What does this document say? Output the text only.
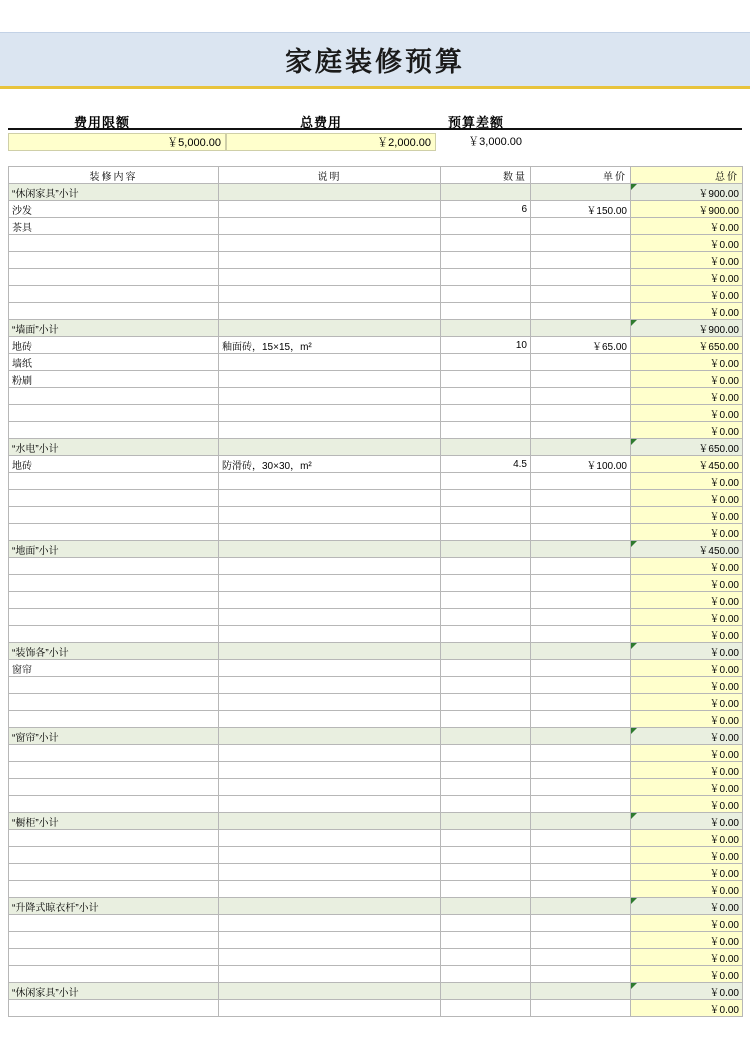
家庭装修预算
费用限额	总费用	预算差额
￥5,000.00	￥2,000.00	￥3,000.00
装修内容	说明	数量	单价	总价
“休闲家具”小计				￥900.00
沙发		6	￥150.00	￥900.00
茶具				￥0.00
				￥0.00
				￥0.00
				￥0.00
				￥0.00
				￥0.00
“墙面”小计				￥900.00
地砖	釉面砖，15×15，m²	10	￥65.00	￥650.00
墙纸				￥0.00
粉刷				￥0.00
				￥0.00
				￥0.00
				￥0.00
“水电”小计				￥650.00
地砖	防滑砖，30×30，m²	4.5	￥100.00	￥450.00
				￥0.00
				￥0.00
				￥0.00
				￥0.00
“地面”小计				￥450.00
				￥0.00
				￥0.00
				￥0.00
				￥0.00
				￥0.00
“装饰各”小计				￥0.00
窗帘				￥0.00
				￥0.00
				￥0.00
				￥0.00
“窗帘”小计				￥0.00
				￥0.00
				￥0.00
				￥0.00
				￥0.00
“橱柜”小计				￥0.00
				￥0.00
				￥0.00
				￥0.00
				￥0.00
“升降式晾衣杆”小计				￥0.00
				￥0.00
				￥0.00
				￥0.00
				￥0.00
“休闲家具”小计				￥0.00
				￥0.00
